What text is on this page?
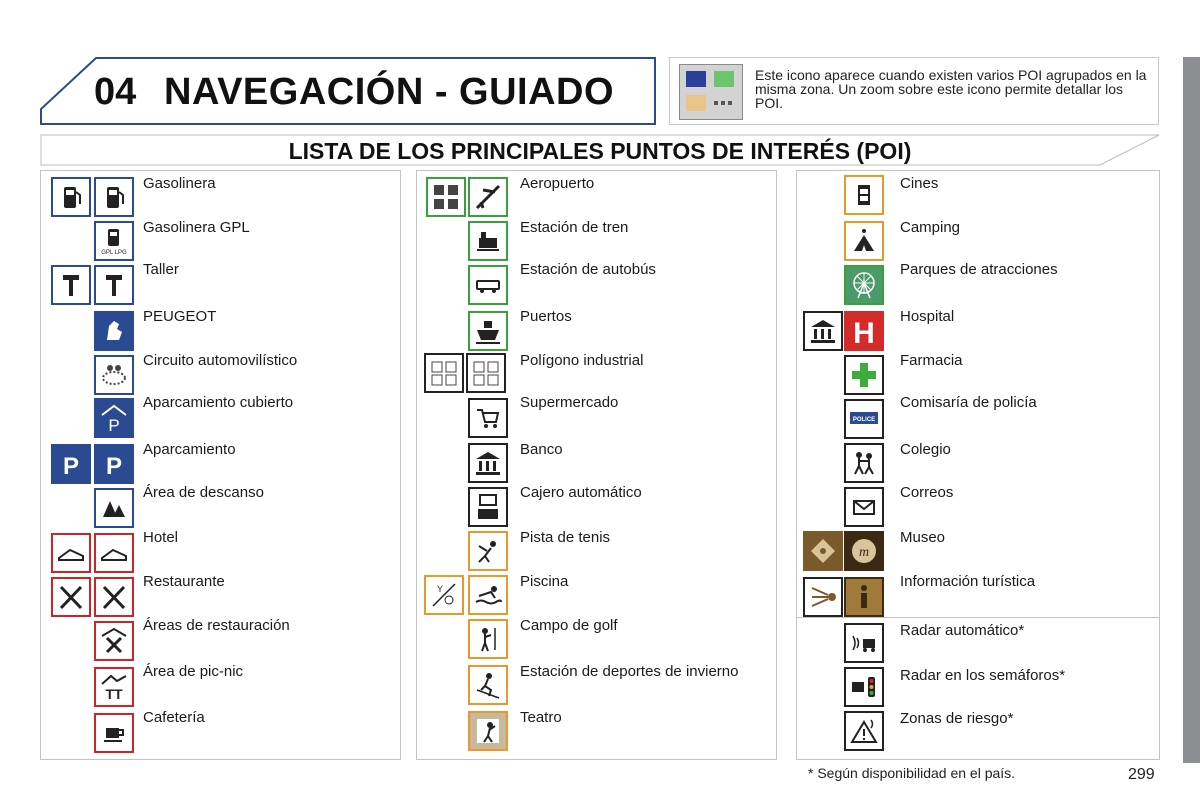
04 NAVEGACIÓN - GUIADO	Este icono aparece cuando existen varios POI agrupados en la misma zona. Un zoom sobre este icono permite detallar los POI.
LISTA DE LOS PRINCIPALES PUNTOS DE INTERÉS (POI)
Gasolinera
GPL LPG
Gasolinera GPL
Taller
PEUGEOT
Circuito automovilístico
P
Aparcamiento cubierto
P P
Aparcamiento
Área de descanso
Hotel
Restaurante
Áreas de restauración
TT
Área de pic-nic
Cafetería
Aeropuerto
Estación de tren
Estación de autobús
Puertos
Polígono industrial
Supermercado
Banco
Cajero automático
Pista de tenis
Y	Piscina
Campo de golf
Estación de deportes de invierno
Teatro
Cines
Camping
Parques de atracciones
H
Hospital
Farmacia
POLICE
Comisaría de policía
Colegio
Correos
m
Museo
Información turística
Radar automático*
Radar en los semáforos*
Zonas de riesgo*
* Según disponibilidad en el país.	299
